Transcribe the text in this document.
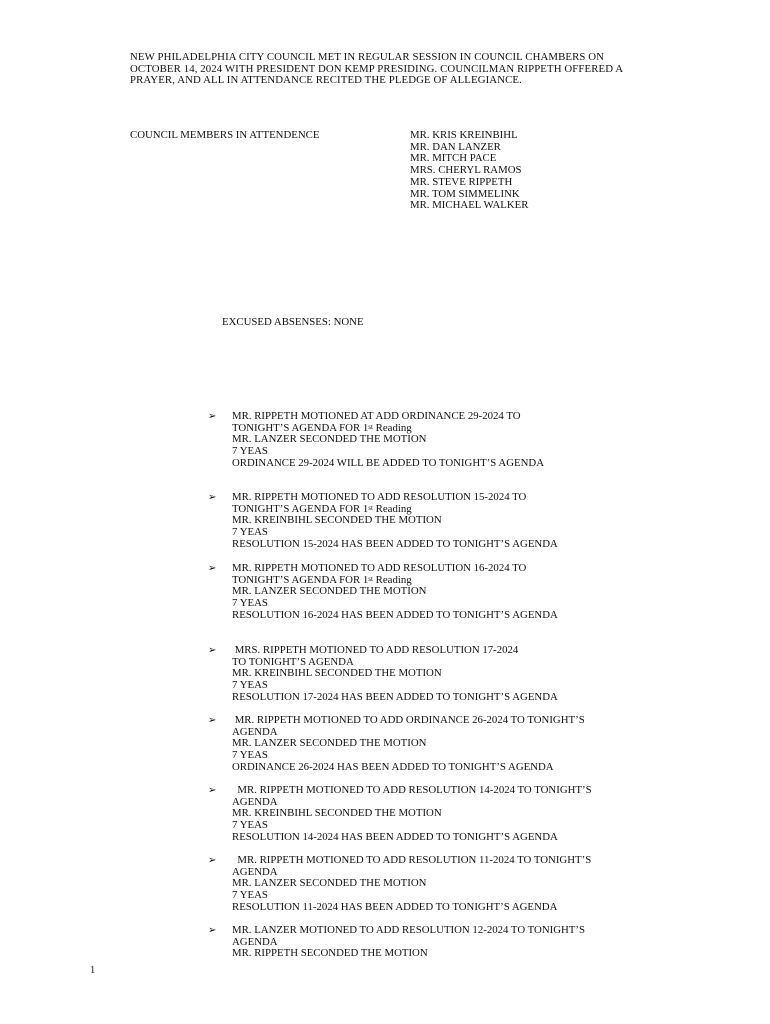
NEW PHILADELPHIA CITY COUNCIL MET IN REGULAR SESSION IN COUNCIL CHAMBERS ON
OCTOBER 14, 2024 WITH PRESIDENT DON KEMP PRESIDING. COUNCILMAN RIPPETH OFFERED A
PRAYER, AND ALL IN ATTENDANCE RECITED THE PLEDGE OF ALLEGIANCE.
COUNCIL MEMBERS IN ATTENDENCE	MR. KRIS KREINBIHL
MR. DAN LANZER
MR. MITCH PACE
MRS. CHERYL RAMOS
MR. STEVE RIPPETH
MR. TOM SIMMELINK
MR. MICHAEL WALKER
EXCUSED ABSENSES: NONE
➢	MR. RIPPETH MOTIONED AT ADD ORDINANCE 29-2024 TO
TONIGHT’S AGENDA FOR 1st Reading
MR. LANZER SECONDED THE MOTION
7 YEAS
ORDINANCE 29-2024 WILL BE ADDED TO TONIGHT’S AGENDA
➢	MR. RIPPETH MOTIONED TO ADD RESOLUTION 15-2024 TO
TONIGHT’S AGENDA FOR 1st Reading
MR. KREINBIHL SECONDED THE MOTION
7 YEAS
RESOLUTION 15-2024 HAS BEEN ADDED TO TONIGHT’S AGENDA
➢	MR. RIPPETH MOTIONED TO ADD RESOLUTION 16-2024 TO
TONIGHT’S AGENDA FOR 1st Reading
MR. LANZER SECONDED THE MOTION
7 YEAS
RESOLUTION 16-2024 HAS BEEN ADDED TO TONIGHT’S AGENDA
➢	MRS. RIPPETH MOTIONED TO ADD RESOLUTION 17-2024
TO TONIGHT’S AGENDA
MR. KREINBIHL SECONDED THE MOTION
7 YEAS
RESOLUTION 17-2024 HAS BEEN ADDED TO TONIGHT’S AGENDA
➢	MR. RIPPETH MOTIONED TO ADD ORDINANCE 26-2024 TO TONIGHT’S
AGENDA
MR. LANZER SECONDED THE MOTION
7 YEAS
ORDINANCE 26-2024 HAS BEEN ADDED TO TONIGHT’S AGENDA
➢	MR. RIPPETH MOTIONED TO ADD RESOLUTION 14-2024 TO TONIGHT’S
AGENDA
MR. KREINBIHL SECONDED THE MOTION
7 YEAS
RESOLUTION 14-2024 HAS BEEN ADDED TO TONIGHT’S AGENDA
➢	MR. RIPPETH MOTIONED TO ADD RESOLUTION 11-2024 TO TONIGHT’S
AGENDA
MR. LANZER SECONDED THE MOTION
7 YEAS
RESOLUTION 11-2024 HAS BEEN ADDED TO TONIGHT’S AGENDA
➢	MR. LANZER MOTIONED TO ADD RESOLUTION 12-2024 TO TONIGHT’S
AGENDA
MR. RIPPETH SECONDED THE MOTION
1
